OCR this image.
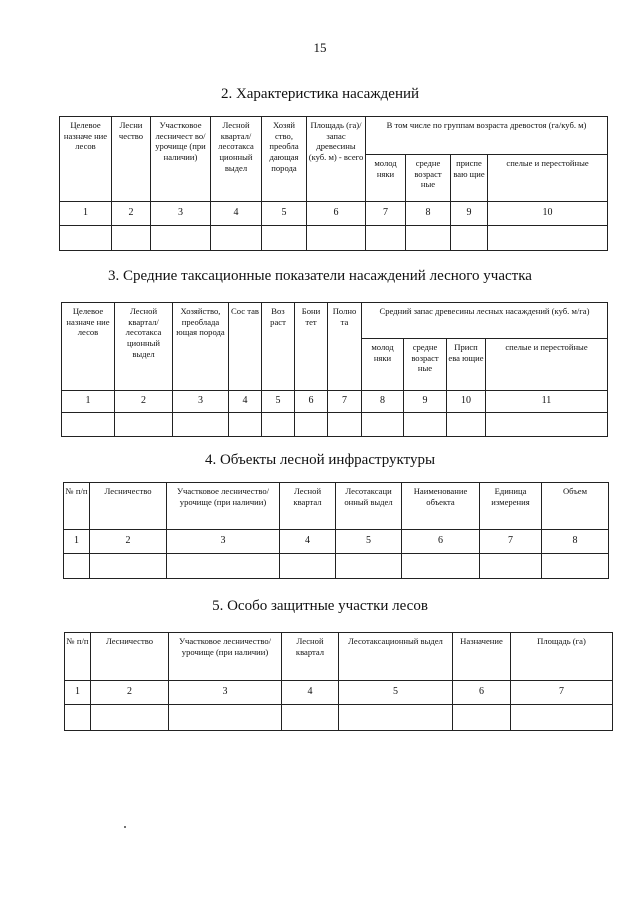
15
2. Характеристика насаждений
Целевое назначе ние лесов	Лесни чество	Участковое лесничест во/урочище (при наличии)	Лесной квартал/ лесотакса ционный выдел	Хозяй ство, преобла дающая порода	Площадь (га)/запас древесины (куб. м) - всего	В том числе по группам возраста древостоя (га/куб. м)			
						молод няки	средне возраст ные	приспе ваю щие	спелые и перестойные
1	2	3	4	5	6	7	8	9	10

3. Средние таксационные показатели насаждений лесного участка
Целевое назначе ние лесов	Лесной квартал/ лесотакса ционный выдел	Хозяйство, преоблада ющая порода	Сос тав	Воз раст	Бони тет	Полно та	Средний запас древесины лесных насаждений (куб. м/га)			
							молод няки	средне возраст ные	Присп ева ющие	спелые и перестойные
1	2	3	4	5	6	7	8	9	10	11

4. Объекты лесной инфраструктуры
№ п/п	Лесничество	Участковое лесничество/ урочище (при наличии)	Лесной квартал	Лесотаксаци онный выдел	Наименование объекта	Единица измерения	Объем
1	2	3	4	5	6	7	8

5. Особо защитные участки лесов
№ п/п	Лесничество	Участковое лесничество/урочище (при наличии)	Лесной квартал	Лесотаксационный выдел	Назначение	Площадь (га)
1	2	3	4	5	6	7
